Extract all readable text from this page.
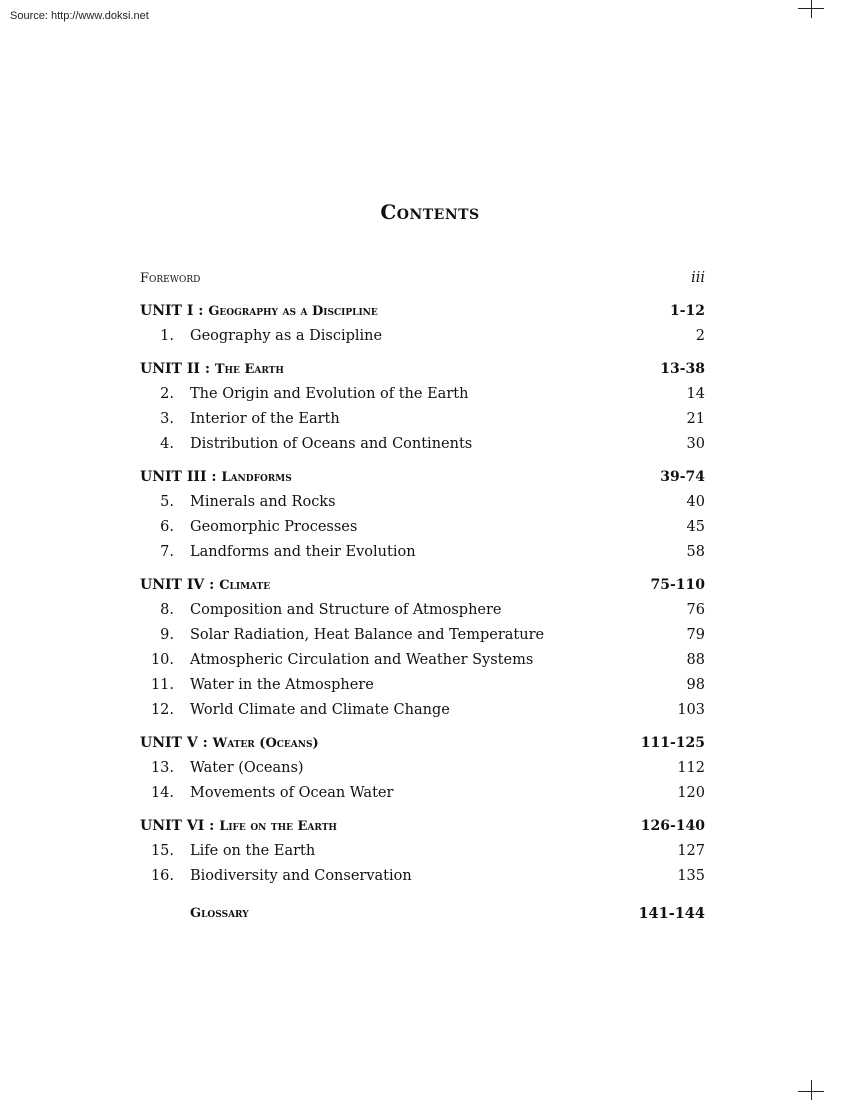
Source: http://www.doksi.net
Contents
Foreword	iii
UNIT I : Geography as a Discipline	1-12
1. Geography as a Discipline	2
UNIT II : The Earth	13-38
2. The Origin and Evolution of the Earth	14
3. Interior of the Earth	21
4. Distribution of Oceans and Continents	30
UNIT III : Landforms	39-74
5. Minerals and Rocks	40
6. Geomorphic Processes	45
7. Landforms and their Evolution	58
UNIT IV : Climate	75-110
8. Composition and Structure of Atmosphere	76
9. Solar Radiation, Heat Balance and Temperature	79
10. Atmospheric Circulation and Weather Systems	88
11. Water in the Atmosphere	98
12. World Climate and Climate Change	103
UNIT V : Water (Oceans)	111-125
13. Water (Oceans)	112
14. Movements of Ocean Water	120
UNIT VI : Life on the Earth	126-140
15. Life on the Earth	127
16. Biodiversity and Conservation	135
Glossary	141-144
